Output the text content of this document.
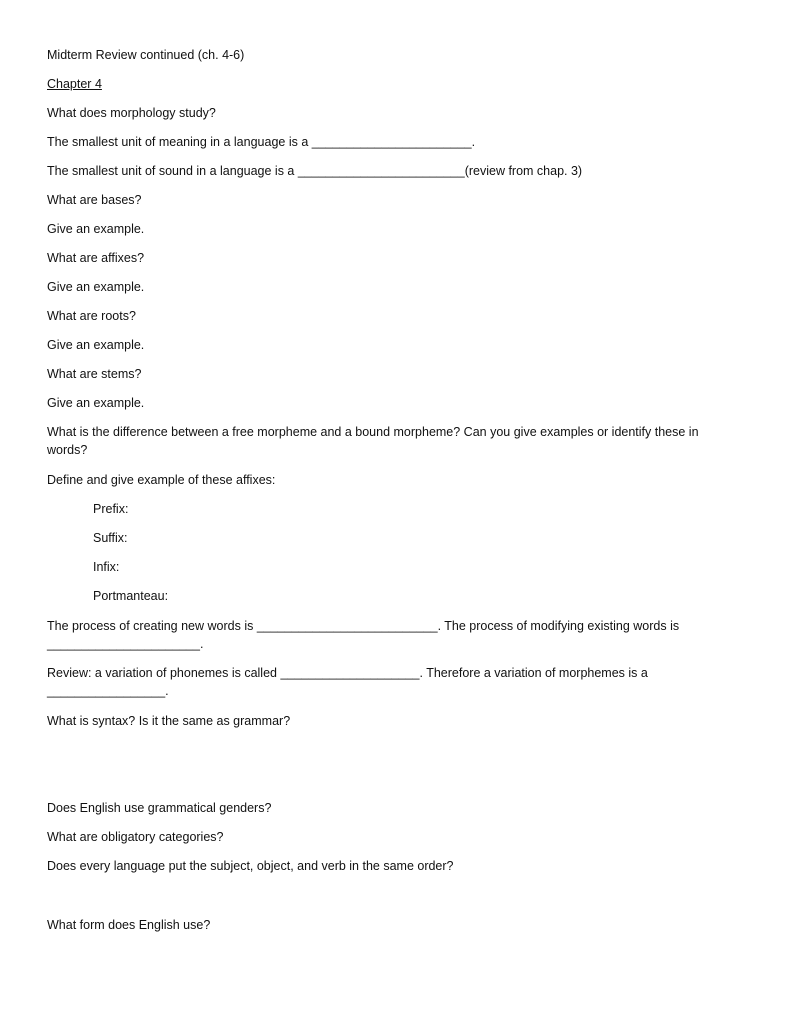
Midterm Review continued (ch. 4-6)
Chapter 4
What does morphology study?
The smallest unit of meaning in a language is a _______________________.
The smallest unit of sound in a language is a ________________________(review from chap. 3)
What are bases?
Give an example.
What are affixes?
Give an example.
What are roots?
Give an example.
What are stems?
Give an example.
What is the difference between a free morpheme and a bound morpheme? Can you give examples or identify these in words?
Define and give example of these affixes:
Prefix:
Suffix:
Infix:
Portmanteau:
The process of creating new words is __________________________. The process of modifying existing words is ______________________.
Review: a variation of phonemes is called ____________________. Therefore a variation of morphemes is a _________________.
What is syntax? Is it the same as grammar?
Does English use grammatical genders?
What are obligatory categories?
Does every language put the subject, object, and verb in the same order?
What form does English use?
